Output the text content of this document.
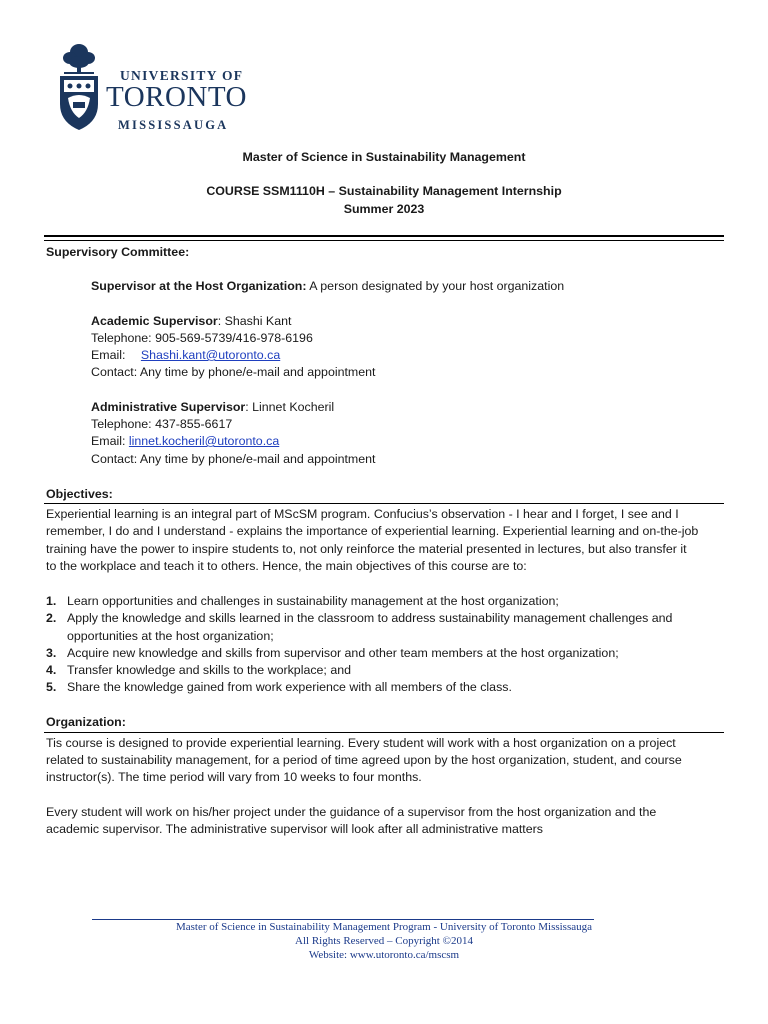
UNIVERSITY OF
TORONTO
MISSISSAUGA
Master of Science in Sustainability Management
COURSE SSM1110H – Sustainability Management Internship
Summer 2023
Supervisory Committee:
Supervisor at the Host Organization: A person designated by your host organization
Academic Supervisor: Shashi Kant
Telephone: 905-569-5739/416-978-6196
Email: Shashi.kant@utoronto.ca
Contact: Any time by phone/e-mail and appointment
Administrative Supervisor: Linnet Kocheril
Telephone: 437-855-6617
Email: linnet.kocheril@utoronto.ca
Contact: Any time by phone/e-mail and appointment
Objectives:
Experiential learning is an integral part of MScSM program. Confucius’s observation - I hear and I forget, I see and I
remember, I do and I understand - explains the importance of experiential learning. Experiential learning and on-the-job
training have the power to inspire students to, not only reinforce the material presented in lectures, but also transfer it
to the workplace and teach it to others. Hence, the main objectives of this course are to:
1. Learn opportunities and challenges in sustainability management at the host organization;
2. Apply the knowledge and skills learned in the classroom to address sustainability management challenges and
opportunities at the host organization;
3. Acquire new knowledge and skills from supervisor and other team members at the host organization;
4. Transfer knowledge and skills to the workplace; and
5. Share the knowledge gained from work experience with all members of the class.
Organization:
Tis course is designed to provide experiential learning. Every student will work with a host organization on a project
related to sustainability management, for a period of time agreed upon by the host organization, student, and course
instructor(s). The time period will vary from 10 weeks to four months.
Every student will work on his/her project under the guidance of a supervisor from the host organization and the
academic supervisor. The administrative supervisor will look after all administrative matters
Master of Science in Sustainability Management Program - University of Toronto Mississauga
All Rights Reserved – Copyright ©2014
Website: www.utoronto.ca/mscsm
